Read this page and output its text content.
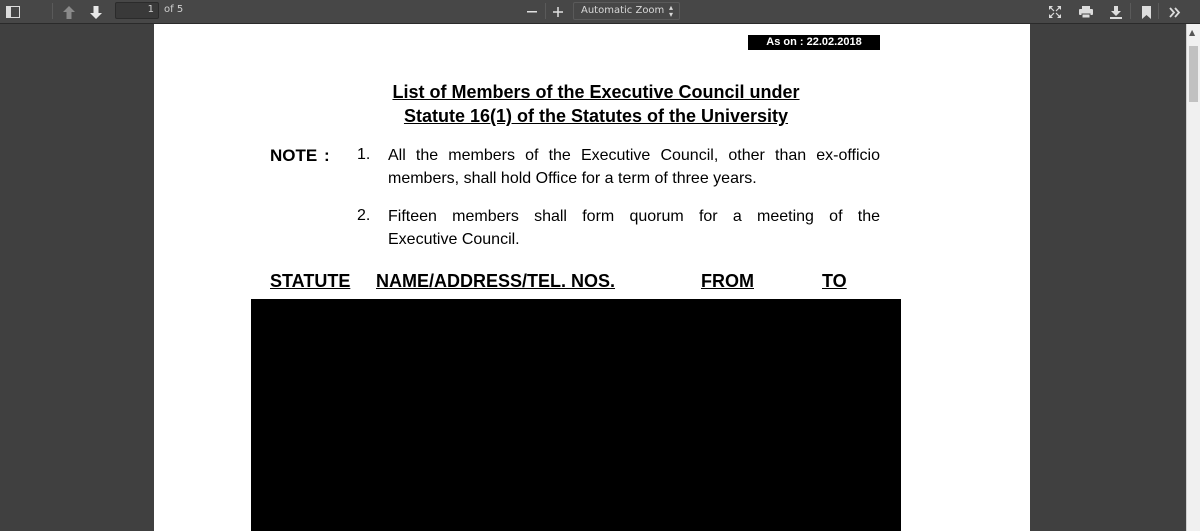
1	of 5	Automatic Zoom ▴
▾
As on : 22.02.2018
List of Members of the Executive Council under
Statute 16(1) of the Statutes of the University
NOTE : 1. All the members of the Executive Council, other than ex-officio
members, shall hold Office for a term of three years.
2. Fifteen members shall form quorum for a meeting of the
Executive Council.
STATUTE NAME/ADDRESS/TEL. NOS.	FROM	TO
▲
